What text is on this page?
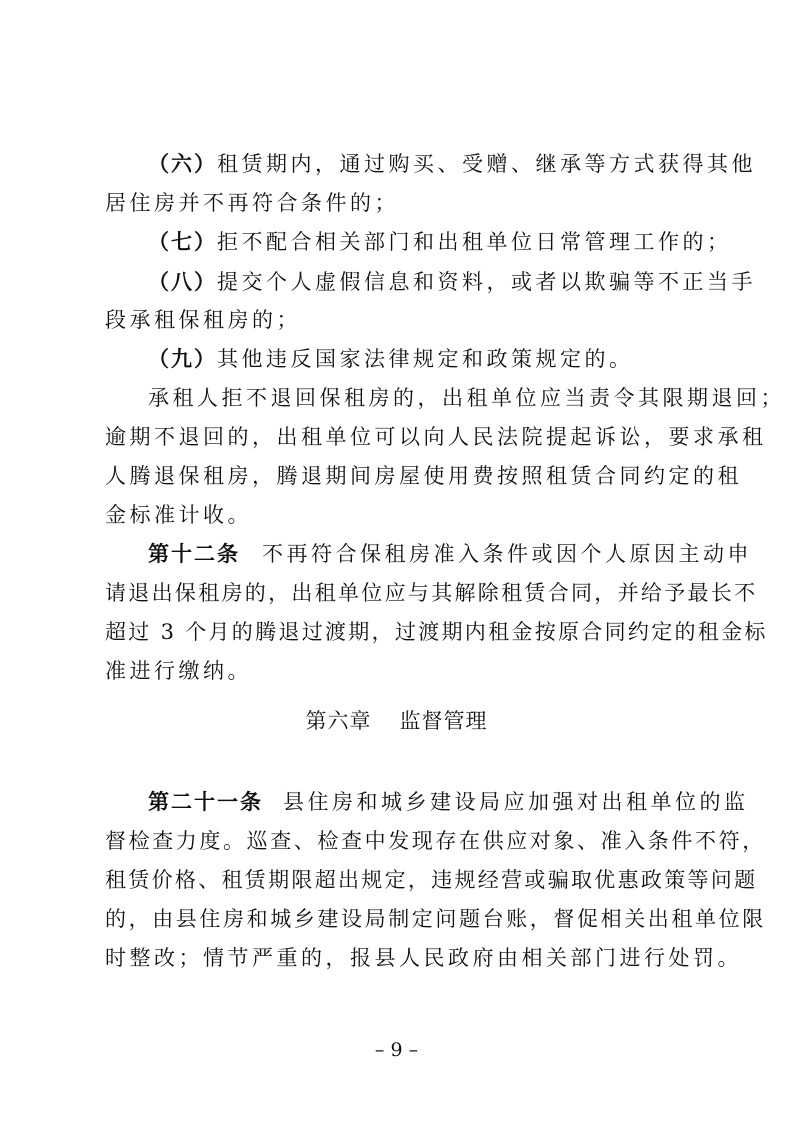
（六）租赁期内，通过购买、受赠、继承等方式获得其他
居住房并不再符合条件的；
（七）拒不配合相关部门和出租单位日常管理工作的；
（八）提交个人虚假信息和资料，或者以欺骗等不正当手
段承租保租房的；
（九）其他违反国家法律规定和政策规定的。
承租人拒不退回保租房的，出租单位应当责令其限期退回；
逾期不退回的，出租单位可以向人民法院提起诉讼，要求承租
人腾退保租房，腾退期间房屋使用费按照租赁合同约定的租
金标准计收。
第十二条 不再符合保租房准入条件或因个人原因主动申
请退出保租房的，出租单位应与其解除租赁合同，并给予最长不
超过 3 个月的腾退过渡期，过渡期内租金按原合同约定的租金标
准进行缴纳。
第六章 监督管理
第二十一条 县住房和城乡建设局应加强对出租单位的监
督检查力度。巡查、检查中发现存在供应对象、准入条件不符，
租赁价格、租赁期限超出规定，违规经营或骗取优惠政策等问题
的，由县住房和城乡建设局制定问题台账，督促相关出租单位限
时整改；情节严重的，报县人民政府由相关部门进行处罚。
– 9 –
